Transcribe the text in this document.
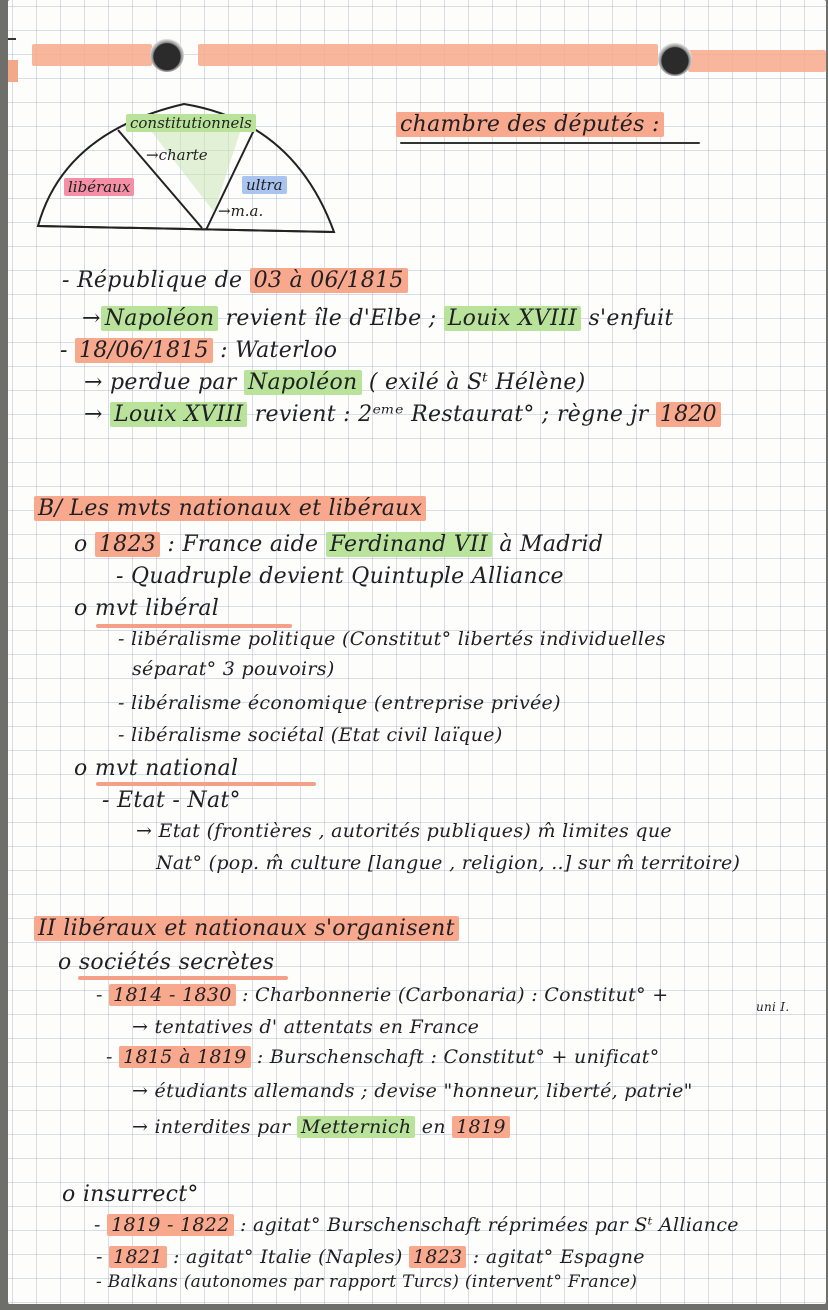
constitutionnels
→charte
libéraux	ultra
→m.a.
chambre des députés :
- République de 03 à 06/1815
→ Napoléon revient île d'Elbe ; Louix XVIII s'enfuit
- 18/06/1815 : Waterloo
→ perdue par Napoléon ( exilé à Sᵗ Hélène)
→ Louix XVIII revient : 2ᵉᵐᵉ Restaurat° ; règne jr 1820
B/ Les mvts nationaux et libéraux
o 1823 : France aide Ferdinand VII à Madrid
- Quadruple devient Quintuple Alliance
o mvt libéral
- libéralisme politique (Constitut° libertés individuelles
séparat° 3 pouvoirs)
- libéralisme économique (entreprise privée)
- libéralisme sociétal (Etat civil laïque)
o mvt national
- Etat - Nat°
→ Etat (frontières , autorités publiques) m̂ limites que
Nat° (pop. m̂ culture [langue , religion, ..] sur m̂ territoire)
II libéraux et nationaux s'organisent
o sociétés secrètes
- 1814 - 1830 : Charbonnerie (Carbonaria) : Constitut° +
uni I.
→ tentatives d' attentats en France
- 1815 à 1819 : Burschenschaft : Constitut° + unificat°
→ étudiants allemands ; devise "honneur, liberté, patrie"
→ interdites par Metternich en 1819
o insurrect°
- 1819 - 1822 : agitat° Burschenschaft réprimées par Sᵗ Alliance
- 1821 : agitat° Italie (Naples) 1823 : agitat° Espagne
- Balkans (autonomes par rapport Turcs) (intervent° France)
